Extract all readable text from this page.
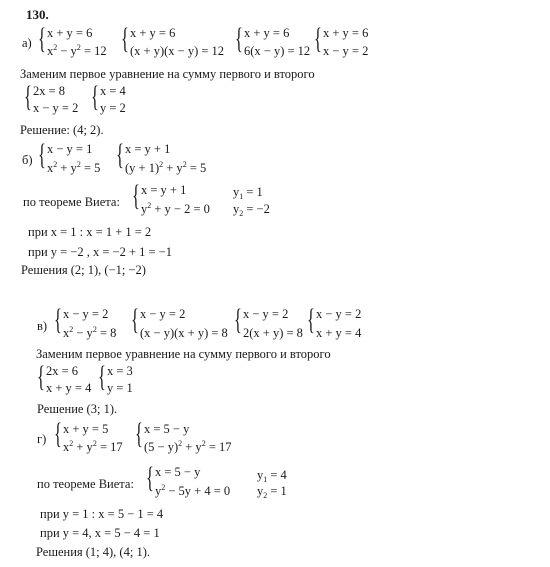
130.
а) { x + y = 6
$x^2 - y^2 = 12$ { x + y = 6
(x + y)(x − y) = 12 { x + y = 6
6(x − y) = 12 { x + y = 6
x − y = 2
Заменим первое уравнение на сумму первого и второго
{ 2x = 8
x − y = 2 { x = 4
y = 2
Решение: (4; 2).
б) { x − y = 1
$x^2 + y^2 = 5$ { x = y + 1
$(y + 1)^2 + y^2 = 5$
по теореме Виета: { x = y + 1
$y^2 + y - 2 = 0$
$y_1 = 1$
$y_2 = -2$
при x = 1 : x = 1 + 1 = 2
при y = −2 , x = −2 + 1 = −1
Решения (2; 1), (−1; −2)
в) { x − y = 2
$x^2 - y^2 = 8$ { x − y = 2
(x − y)(x + y) = 8 { x − y = 2
2(x + y) = 8 { x − y = 2
x + y = 4
Заменим первое уравнение на сумму первого и второго
{ 2x = 6
x + y = 4 { x = 3
y = 1
Решение (3; 1).
г) { x + y = 5
$x^2 + y^2 = 17$ { x = 5 − y
$(5 - y)^2 + y^2 = 17$
по теореме Виета: { x = 5 − y
$y^2 - 5y + 4 = 0$
$y_1 = 4$
$y_2 = 1$
при y = 1 : x = 5 − 1 = 4
при y = 4, x = 5 − 4 = 1
Решения (1; 4), (4; 1).
